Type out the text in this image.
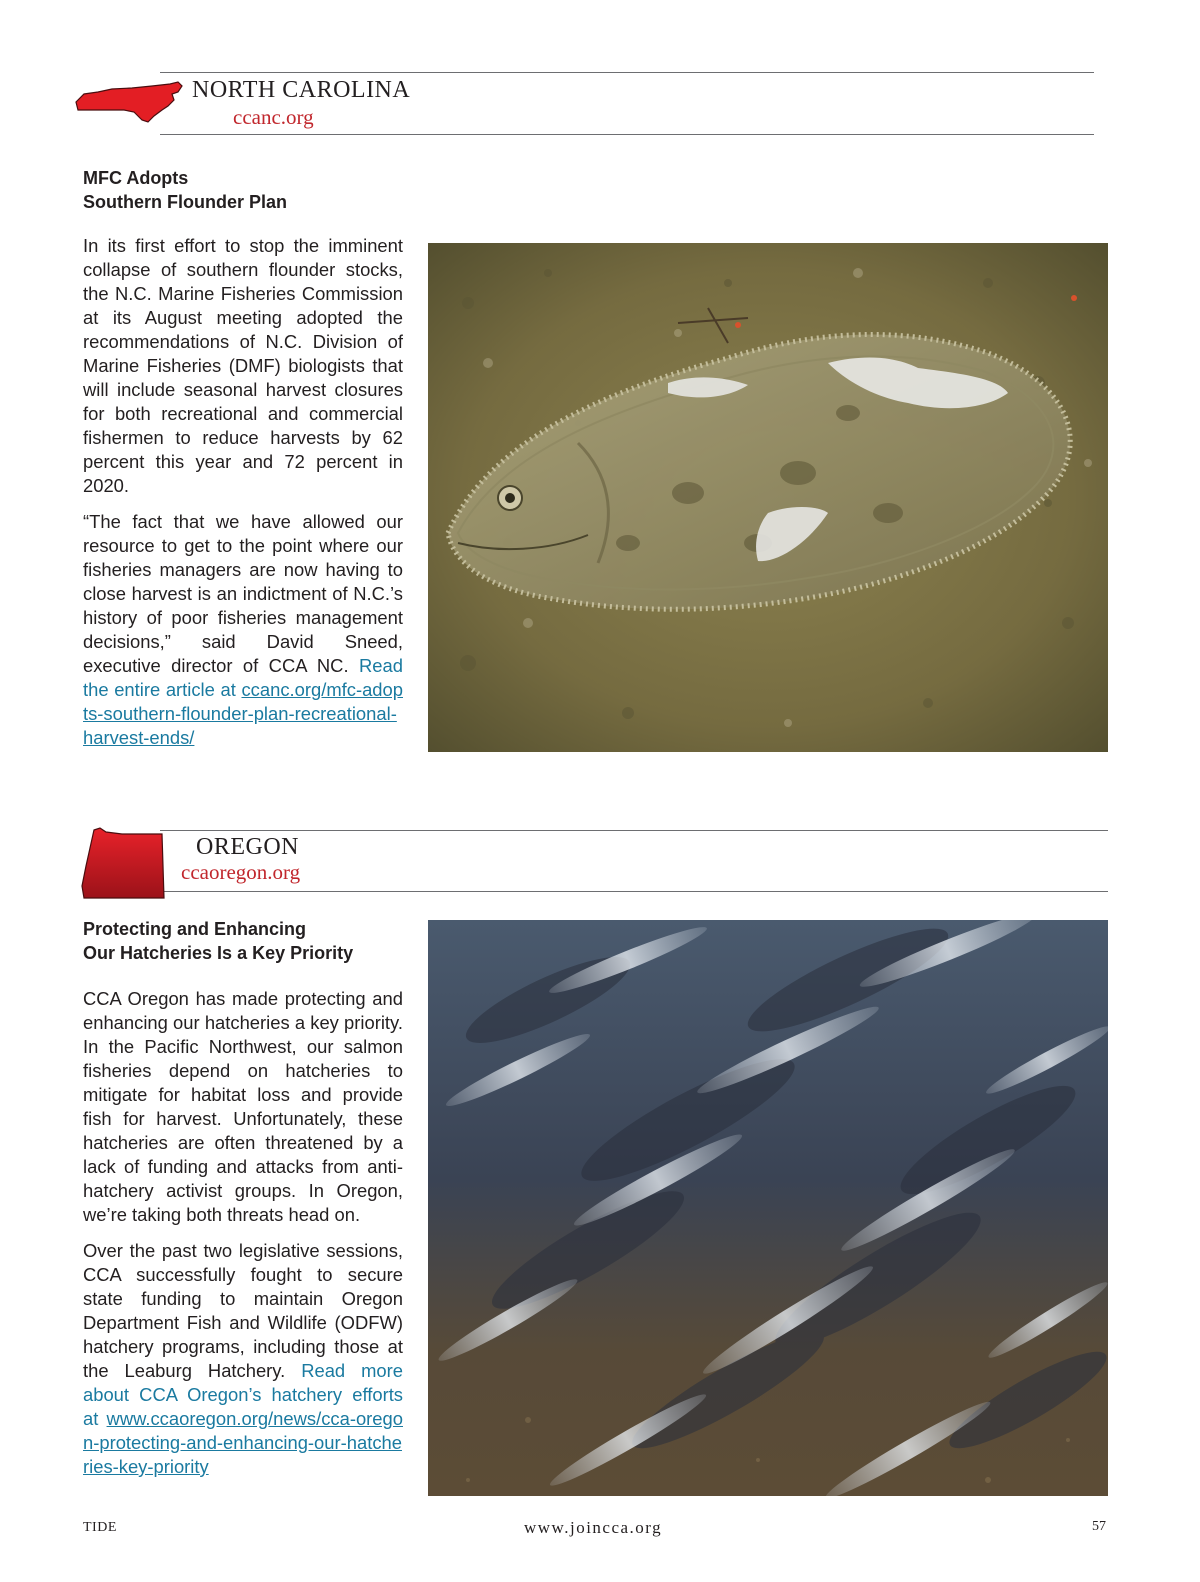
NORTH CAROLINA
ccanc.org
MFC Adopts
Southern Flounder Plan

In its first effort to stop the imminent collapse of southern flounder stocks, the N.C. Marine Fisheries Commission at its August meeting adopted the recommendations of N.C. Division of Marine Fisheries (DMF) biologists that will include seasonal harvest closures for both recreational and commercial fishermen to reduce harvests by 62 percent this year and 72 percent in 2020.

“The fact that we have allowed our resource to get to the point where our fisheries managers are now having to close harvest is an indictment of N.C.’s history of poor fisheries management decisions,” said David Sneed, executive director of CCA NC. Read the entire article at ccanc.org/mfc-adopts-southern-flounder-plan-recreational-harvest-ends/

OREGON
ccaoregon.org
Protecting and Enhancing
Our Hatcheries Is a Key Priority

CCA Oregon has made protecting and enhancing our hatcheries a key priority. In the Pacific Northwest, our salmon fisheries depend on hatcheries to mitigate for habitat loss and provide fish for harvest. Unfortunately, these hatcheries are often threatened by a lack of funding and attacks from anti-hatchery activist groups. In Oregon, we’re taking both threats head on.

Over the past two legislative sessions, CCA successfully fought to secure state funding to maintain Oregon Department Fish and Wildlife (ODFW) hatchery programs, including those at the Leaburg Hatchery. Read more about CCA Oregon’s hatchery efforts at www.ccaoregon.org/news/cca-oregon-protecting-and-enhancing-our-hatcheries-key-priority

TIDE	www.joincca.org	57
